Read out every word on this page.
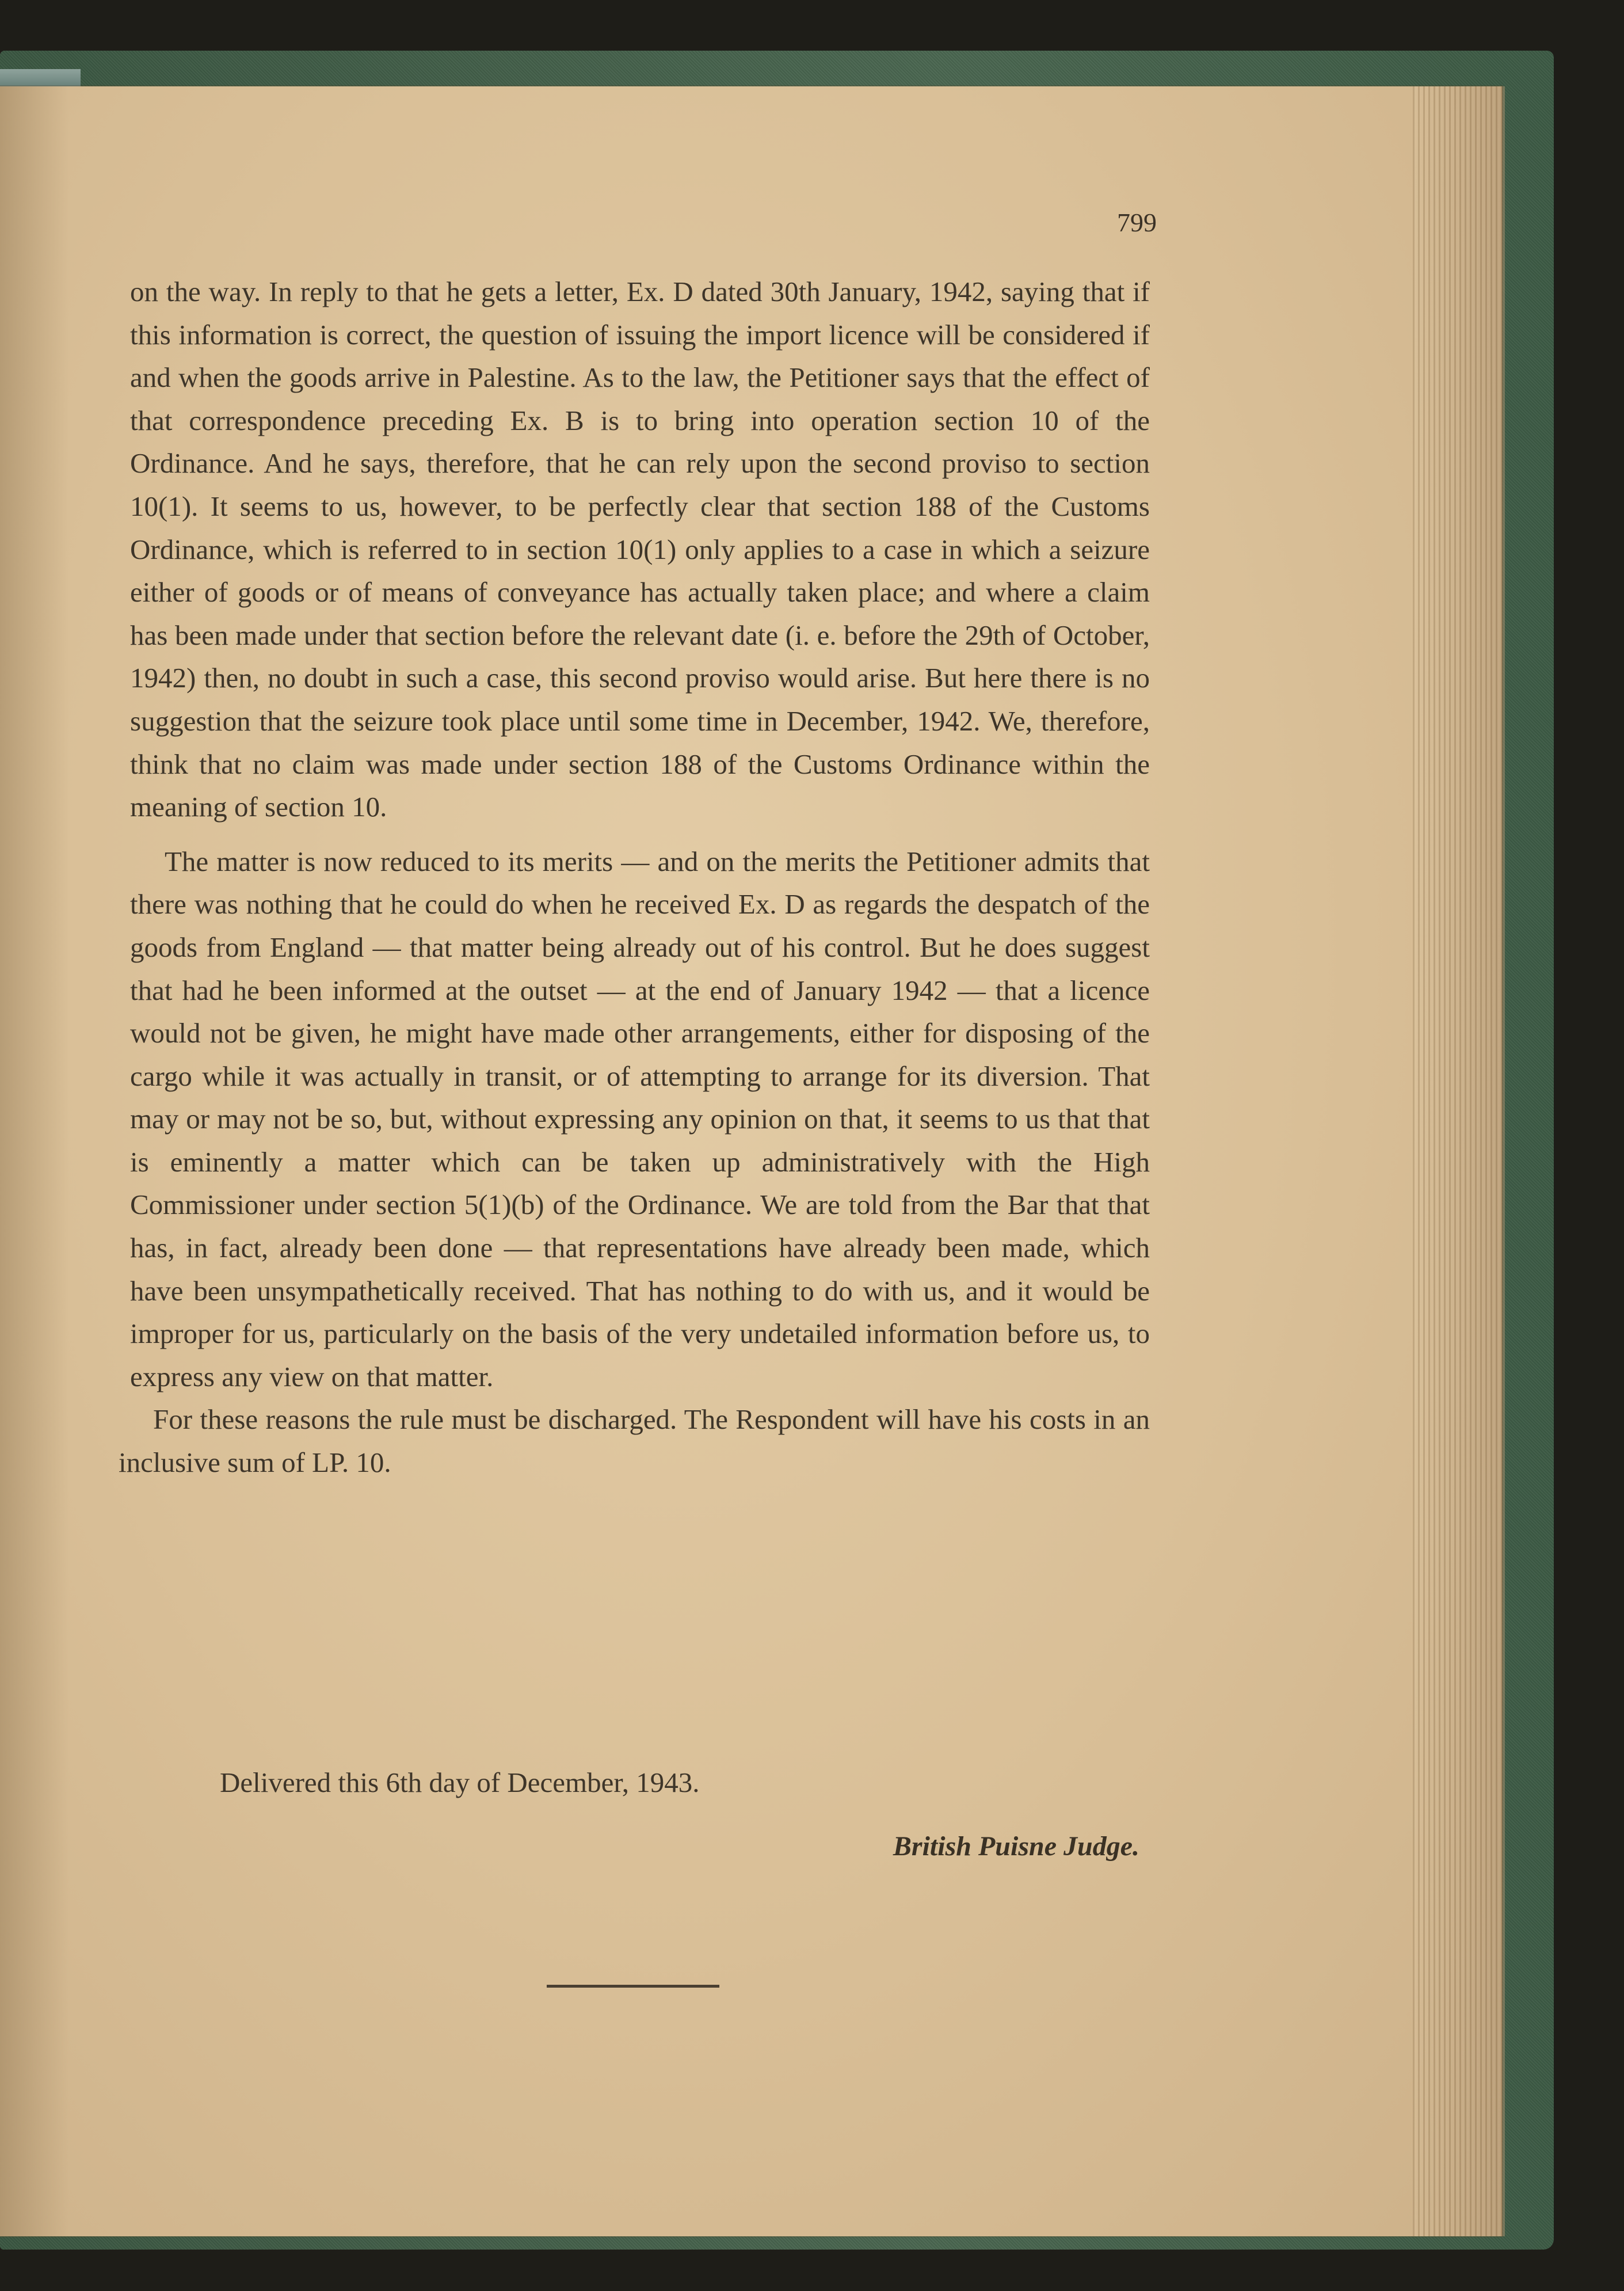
799

on the way. In reply to that he gets a letter, Ex. D dated 30th January, 1942, saying that if this information is correct, the question of issuing the import licence will be considered if and when the goods arrive in Palestine. As to the law, the Petitioner says that the effect of that correspondence preceding Ex. B is to bring into operation section 10 of the Ordinance. And he says, therefore, that he can rely upon the second proviso to section 10(1). It seems to us, however, to be perfectly clear that section 188 of the Customs Ordinance, which is referred to in section 10(1) only applies to a case in which a seizure either of goods or of means of conveyance has actually taken place; and where a claim has been made under that section before the relevant date (i. e. before the 29th of October, 1942) then, no doubt in such a case, this second proviso would arise. But here there is no suggestion that the seizure took place until some time in December, 1942. We, therefore, think that no claim was made under section 188 of the Customs Ordinance within the meaning of section 10.

The matter is now reduced to its merits — and on the merits the Petitioner admits that there was nothing that he could do when he received Ex. D as regards the despatch of the goods from England — that matter being already out of his control. But he does suggest that had he been informed at the outset — at the end of January 1942 — that a licence would not be given, he might have made other arrangements, either for disposing of the cargo while it was actually in transit, or of attempting to arrange for its diversion. That may or may not be so, but, without expressing any opinion on that, it seems to us that that is eminently a matter which can be taken up administratively with the High Commissioner under section 5(1)(b) of the Ordinance. We are told from the Bar that that has, in fact, already been done — that representations have already been made, which have been unsympathetically received. That has nothing to do with us, and it would be improper for us, particularly on the basis of the very undetailed information before us, to express any view on that matter.

For these reasons the rule must be discharged. The Respondent will have his costs in an inclusive sum of LP. 10.

Delivered this 6th day of December, 1943.
British Puisne Judge.
